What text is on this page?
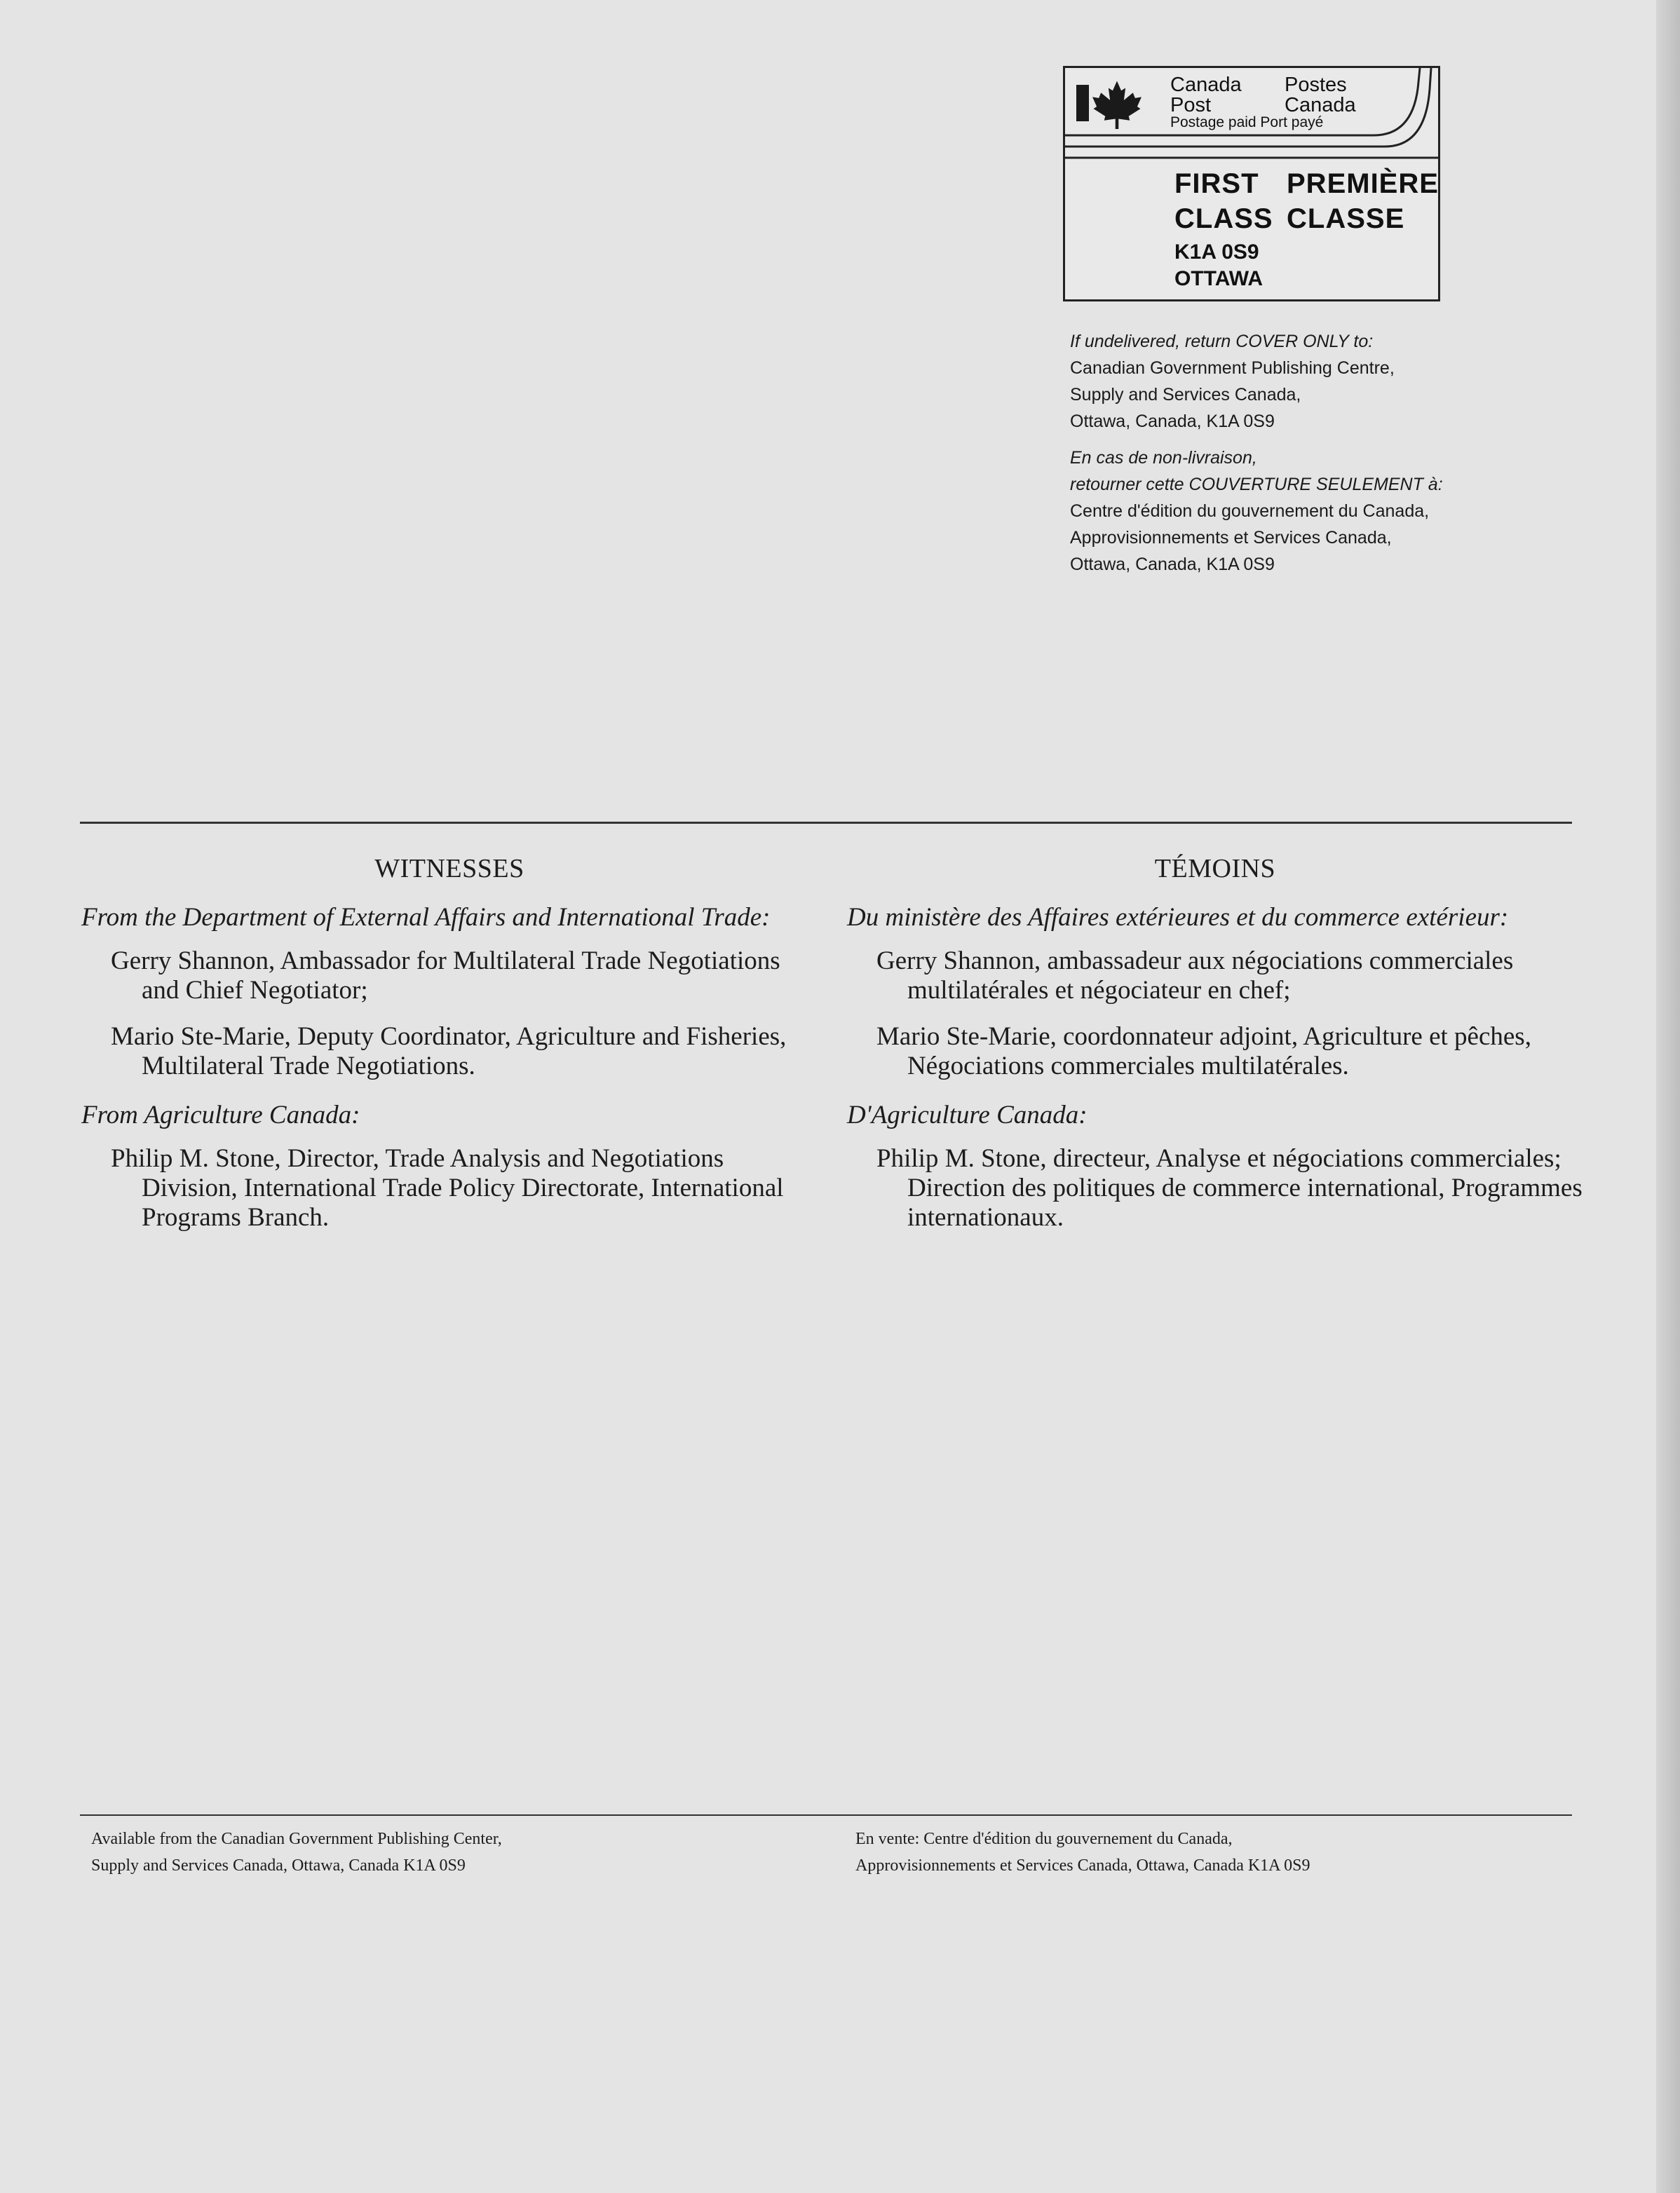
Canada
Post
Postes
Canada
Postage paid Port payé
FIRST PREMIÈRE
CLASS CLASSE
K1A 0S9
OTTAWA
If undelivered, return COVER ONLY to:
Canadian Government Publishing Centre,
Supply and Services Canada,
Ottawa, Canada, K1A 0S9
En cas de non-livraison,
retourner cette COUVERTURE SEULEMENT à:
Centre d'édition du gouvernement du Canada,
Approvisionnements et Services Canada,
Ottawa, Canada, K1A 0S9
WITNESSES
From the Department of External Affairs and International Trade:
Gerry Shannon, Ambassador for Multilateral Trade Negotiations and Chief Negotiator;
Mario Ste-Marie, Deputy Coordinator, Agriculture and Fisheries, Multilateral Trade Negotiations.
From Agriculture Canada:
Philip M. Stone, Director, Trade Analysis and Negotiations Division, International Trade Policy Directorate, International Programs Branch.
TÉMOINS
Du ministère des Affaires extérieures et du commerce extérieur:
Gerry Shannon, ambassadeur aux négociations commerciales multilatérales et négociateur en chef;
Mario Ste-Marie, coordonnateur adjoint, Agriculture et pêches, Négociations commerciales multilatérales.
D'Agriculture Canada:
Philip M. Stone, directeur, Analyse et négociations commerciales; Direction des politiques de commerce international, Programmes internationaux.
Available from the Canadian Government Publishing Center,
Supply and Services Canada, Ottawa, Canada K1A 0S9
En vente: Centre d'édition du gouvernement du Canada,
Approvisionnements et Services Canada, Ottawa, Canada K1A 0S9
